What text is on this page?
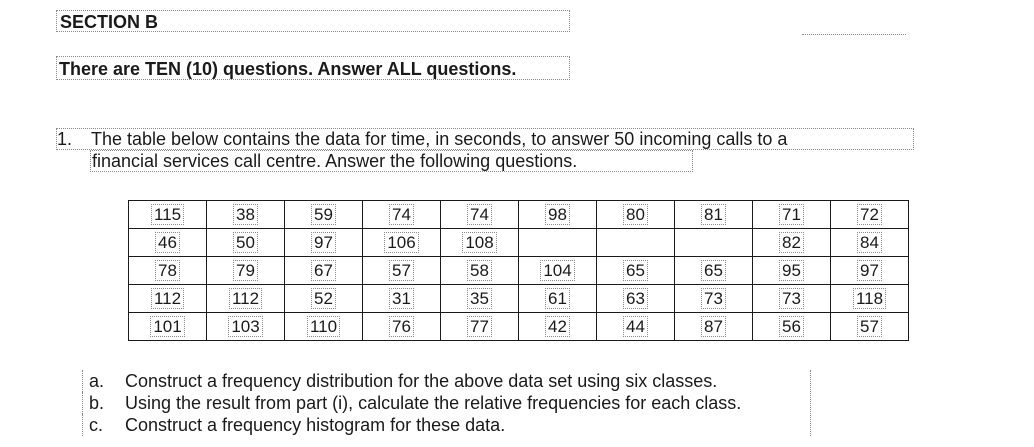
SECTION B
There are TEN (10) questions. Answer ALL questions.
1.	The table below contains the data for time, in seconds, to answer 50 incoming calls to a
financial services call centre. Answer the following questions.
115	38	59	74	74	98	80	81	71	72
46	50	97	106	108				82	84
78	79	67	57	58	104	65	65	95	97
112	112	52	31	35	61	63	73	73	118
101	103	110	76	77	42	44	87	56	57
a.	Construct a frequency distribution for the above data set using six classes.
b.	Using the result from part (i), calculate the relative frequencies for each class.
c.	Construct a frequency histogram for these data.
